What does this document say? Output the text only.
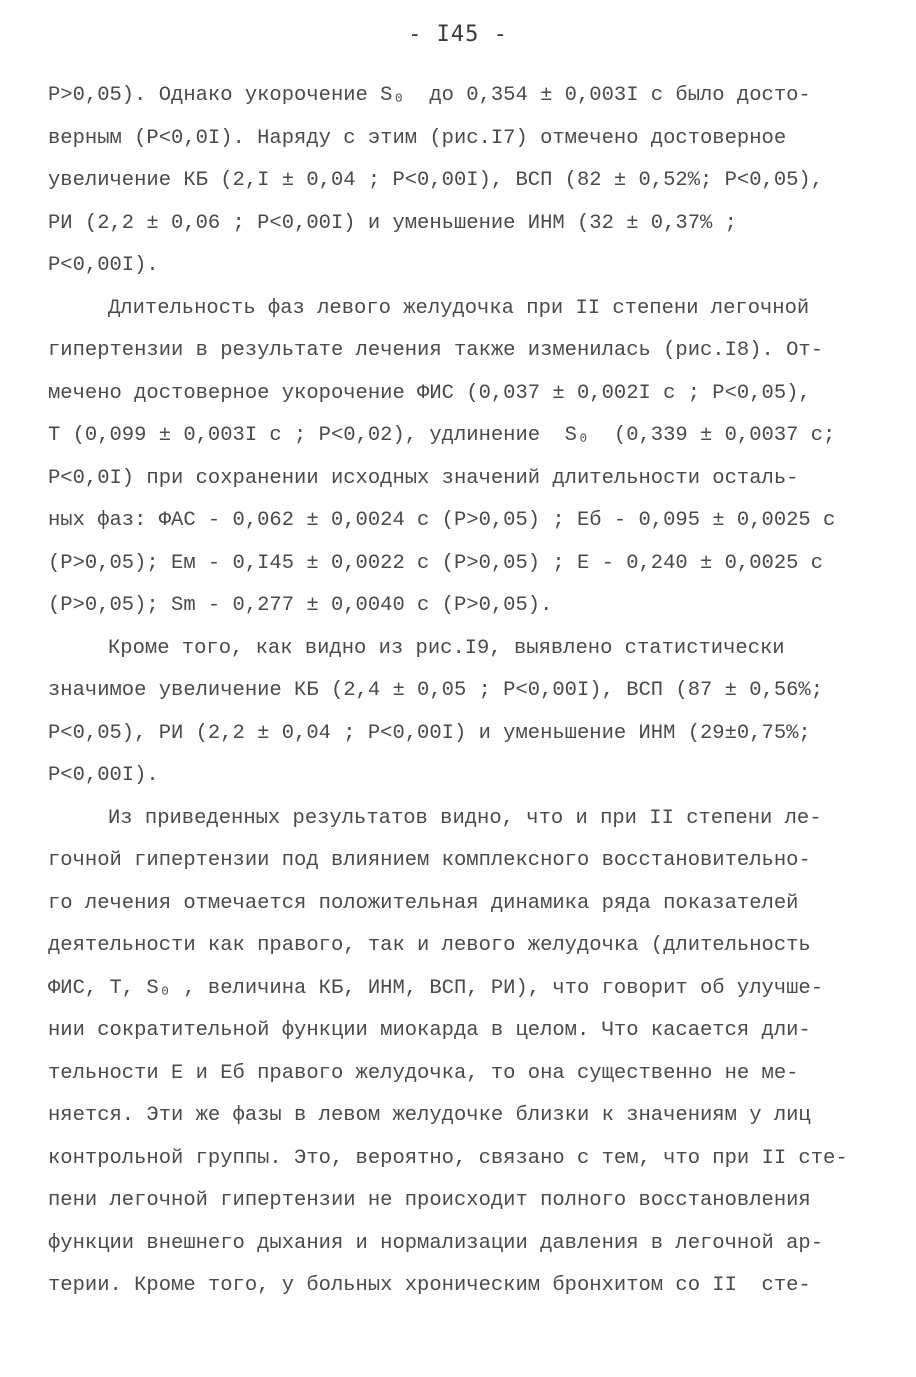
- I45 -
P>0,05). Однако укорочение S₀  до 0,354 ± 0,003I с было досто-
верным (P<0,0I). Наряду с этим (рис.I7) отмечено достоверное
увеличение КБ (2,I ± 0,04 ; P<0,00I), ВСП (82 ± 0,52%; P<0,05),
РИ (2,2 ± 0,06 ; P<0,00I) и уменьшение ИНМ (32 ± 0,37% ;
P<0,00I).
Длительность фаз левого желудочка при II степени легочной
гипертензии в результате лечения также изменилась (рис.I8). От-
мечено достоверное укорочение ФИС (0,037 ± 0,002I с ; P<0,05),
Т (0,099 ± 0,003I с ; P<0,02), удлинение  S₀  (0,339 ± 0,0037 с;
P<0,0I) при сохранении исходных значений длительности осталь-
ных фаз: ФАС - 0,062 ± 0,0024 с (P>0,05) ; Еб - 0,095 ± 0,0025 с
(P>0,05); Ем - 0,I45 ± 0,0022 с (P>0,05) ; Е - 0,240 ± 0,0025 с
(P>0,05); Sm - 0,277 ± 0,0040 с (P>0,05).
Кроме того, как видно из рис.I9, выявлено статистически
значимое увеличение КБ (2,4 ± 0,05 ; P<0,00I), ВСП (87 ± 0,56%;
P<0,05), РИ (2,2 ± 0,04 ; P<0,00I) и уменьшение ИНМ (29±0,75%;
P<0,00I).
Из приведенных результатов видно, что и при II степени ле-
гочной гипертензии под влиянием комплексного восстановительно-
го лечения отмечается положительная динамика ряда показателей
деятельности как правого, так и левого желудочка (длительность
ФИС, Т, S₀ , величина КБ, ИНМ, ВСП, РИ), что говорит об улучше-
нии сократительной функции миокарда в целом. Что касается дли-
тельности Е и Еб правого желудочка, то она существенно не ме-
няется. Эти же фазы в левом желудочке близки к значениям у лиц
контрольной группы. Это, вероятно, связано с тем, что при II сте-
пени легочной гипертензии не происходит полного восстановления
функции внешнего дыхания и нормализации давления в легочной ар-
терии. Кроме того, у больных хроническим бронхитом со II  сте-
